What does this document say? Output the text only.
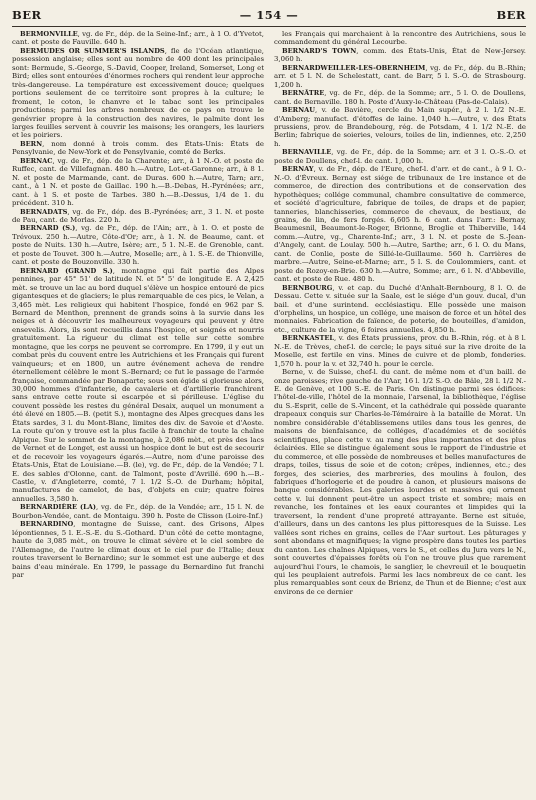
BER	— 154 —	BER

BERMONVILLE, vg. de Fr., dép. de la Seine-Inf.; arr., à 1 O. d'Yvetot, cant. et poste de Fauville. 640 h.

BERMUDES OR SUMMER'S ISLANDS, fle de l'Océan atlantique, possession anglaise; elles sont au nombre de 400 dont les principales sont: Bermude, S.-George, S.-David, Cooper, Ireland, Somerset, Long et Bird; elles sont entourées d'énormes rochers qui rendent leur approche très-dangereuse. La température est excessivement douce; quelques portions seulement de ce territoire sont propres à la culture; le froment, le coton, le chanvre et le tabac sont les principales productions; parmi les arbres nombreux de ce pays on trouve le genévrier propre à la construction des navires, le palmite dont les larges feuilles servent à couvrir les maisons; les orangers, les lauriers et les poiriers.

BERN, nom donné à trois comm. des États-Unis: États de Pensylvanie, de New-York et de Pensylvanie, comté de Berks.

BERNAC, vg. de Fr., dép. de la Charente; arr., à 1 N.-O. et poste de Ruffec, cant. de Villefagnan. 480 h.—Autre, Lot-et-Garonne; arr., à 8 1. N. et poste de Marmande, cant. de Duras. 600 h.—Autre, Tarn; arr., cant., à 1 N. et poste de Gaillac. 190 h.—B.-Debas, H.-Pyrénées; arr., cant. à 1 S. et poste de Tarbes. 380 h.—B.-Dessus, 1/4 de 1. du précédent. 310 h.

BERNADATS, vg. de Fr., dép. des B.-Pyrénées; arr., 3 1. N. et poste de Pau, cant. de Morlas. 220 h.

BERNARD (S.), vg. de Fr., dép. de l'Ain; arr., à 1. O. et poste de Trévoux. 250 h.—Autre, Côte-d'Or; arr., à 1. N. de Beaume, cant. et poste de Nuits. 130 h.—Autre, Isère; arr., 5 1. N.-E. de Grenoble, cant. et poste de Touvet. 300 h.—Autre, Moselle; arr., à 1. S.-E. de Thionville, cant. et poste de Bouzonville. 330 h.

BERNARD (GRAND S.), montagne qui fait partie des Alpes pennines, par 45° 51' de latitude N. et 5° 5' de longitude E. A 2,425 mèt. se trouve un lac au bord duquel s'élève un hospice entouré de pics gigantesques et de glaciers; le plus remarquable de ces pics, le Velan, a 3,465 mèt. Les religieux qui habitent l'hospice, fondé en 962 par S. Bernard de Menthon, prennent de grands soins à la survie dans les neiges et à découvrir les malheureux voyageurs qui peuvent y être ensevelis. Alors, ils sont recueillis dans l'hospice, et soignés et nourris gratuitement. La rigueur du climat est telle sur cette sombre montagne, que les corps ne peuvent se corrompre. En 1799, il y eut un combat près du couvent entre les Autrichiens et les Français qui furent vainqueurs; et en 1800, un autre événement acheva de rendre éternellement célèbre le mont S.-Bernard; ce fut le passage de l'armée française, commandée par Bonaparte; sous son égide si glorieuse alors, 30,000 hommes d'infanterie, de cavalerie et d'artillerie franchirent sans entrave cette route si escarpée et si périlleuse. L'église du couvent possède les restes du général Desaix, auquel un monument a été élevé en 1805.—B. (petit S.), montagne des Alpes grecques dans les États sardes, 3 l. du Mont-Blanc, limites des div. de Savoie et d'Aoste. La route qu'on y trouve est la plus facile à franchir de toute la chaîne Alpique. Sur le sommet de la montagne, à 2,086 mèt., et près des lacs de Vernet et de Longet, est aussi un hospice dont le but est de secourir et de recevoir les voyageurs égarés.—Autre, nom d'une paroisse des États-Unis, État de Louisiane.—B. (le), vg. de Fr., dép. de la Vendée; 7 l. E. des sables d'Olonne, cant. de Talmont, poste d'Avrillé. 690 h.—B.-Castle, v. d'Angleterre, comté, 7 l. 1/2 S.-O. de Durham; hôpital, manufactures de camelot, de bas, d'objets en cuir; quatre foires annuelles. 3,580 h.

BERNARDIÈRE (LA), vg. de Fr., dép. de la Vendée; arr., 15 l. N. de Bourbon-Vendée, cant. de Montaigu. 390 h. Poste de Clisson (Loire-Inf.)

BERNARDINO, montagne de Suisse, cant. des Grisons, Alpes lépontiennes, 5 l. E.-S.-E. du S.-Gothard. D'un côté de cette montagne, haute de 3,085 mèt., on trouve le climat sévère et le ciel sombre de l'Allemagne, de l'autre le climat doux et le ciel pur de l'Italie; deux routes traversent le Bernardino; sur le sommet est une auberge et des bains d'eau minérale. En 1799, le passage du Bernardino fut franchi par

les Français qui marchaient à la rencontre des Autrichiens, sous le commandement du général Lecourbe.

BERNARD'S TOWN, comm. des États-Unis, État de New-Jersey. 3,060 h.

BERNARDWEILLER-LES-OBERNHEIM, vg. de Fr., dép. du B.-Rhin; arr. et 5 l. N. de Schelestatt, cant. de Barr, 5 l. S.-O. de Strasbourg. 1,200 h.

BERNÂTRE, vg. de Fr., dép. de la Somme; arr., 5 l. O. de Doullens, cant. de Bernaville. 180 h. Poste d'Auxy-le-Château (Pas-de-Calais).

BERNAU, v. de Bavière, cercle du Main supér., à 2 l. 1/2 N.-E. d'Amberg; manufact. d'étoffes de laine. 1,040 h.—Autre, v. des États prussiens, prov. de Brandebourg, rég. de Potsdam, 4 l. 1/2 N.-E. de Berlin; fabrique de soieries, velours, toiles de lin, indiennes, etc. 2,250 h.

BERNAVILLE, vg. de Fr., dép. de la Somme; arr. et 3 l. O.-S.-O. et poste de Doullens, chef-l. de cant. 1,000 h.

BERNAY, v. de Fr., dép. de l'Eure, chef-l. d'arr. et de cant., à 9 l. O.-N.-O. d'Évreux. Bernay est siége de tribunaux de 1re instance et de commerce, de direction des contributions et de conservation des hypothèques; collége communal, chambre consultative de commerce, et société d'agriculture, fabrique de toiles, de draps et de papier, tanneries, blanchisseries, commerce de chevaux, de bestiaux, de grains, de lin, de fers forgés. 6,605 h. 6 cant. dans l'arr.: Bernay, Beaumesnil, Beaumont-le-Roger, Brionne, Broglie et Thiberville, 144 comm.—Autre, vg., Charente-Inf.; arr., 3 l. N. et poste de S.-Jean-d'Angely, cant. de Loulay. 500 h.—Autre, Sarthe; arr., 6 l. O. du Mans, cant. de Conlie, poste de Sillé-le-Guillaume. 560 h. Carrières de marbre.—Autre, Seine-et-Marne; arr., 5 l. S. de Coulommiers, cant. et poste de Rozoy-en-Brie. 630 h.—Autre, Somme; arr., 6 l. N. d'Abbeville, cant. et poste de Rue. 480 h.

BERNBOURG, v. et cap. du Duché d'Anhalt-Bernbourg, 8 l. O. de Dessau. Cette v. située sur la Saale, est le siége d'un gouv. ducal, d'un bail. et d'une surintend. ecclésiastiqu. Elle possède une maison d'orphelins, un hospice, un collége, une maison de force et un hôtel des monnaies. Fabrication de faïence, de poterie, de bouteilles, d'amidon, etc., culture de la vigne, 6 foires annuelles. 4,850 h.

BERNKASTEL, v. des États prussiens, prov. du B.-Rhin, rég. et à 8 l. N.-E. de Trèves, chef-l. de cercle; le pays situé sur la rive droite de la Moselle, est fertile en vins. Mines de cuivre et de plomb, fonderies. 1,570 h. pour la v. et 32,740 h. pour le cercle.

Berne, v. de Suisse, chef-l. du cant. de même nom et d'un baill. de onze paroisses; rive gauche de l'Aar, 16 l. 1/2 S.-O. de Bâle, 28 l. 1/2 N.-E. de Genève, et 100 S.-E. de Paris. On distingue parmi ses édifices: l'hôtel-de-ville, l'hôtel de la monnaie, l'arsenal, la bibliothèque, l'église du S.-Esprit, celle de S.-Vincent, et la cathédrale qui possède quarante drapeaux conquis sur Charles-le-Téméraire à la bataille de Morat. Un nombre considérable d'établissemens utiles dans tous les genres, de maisons de bienfaisance, de colléges, d'académies et de sociétés scientifiques, place cette v. au rang des plus importantes et des plus éclairées. Elle se distingue également sous le rapport de l'industrie et du commerce, et elle possède de nombreuses et belles manufactures de draps, toiles, tissus de soie et de coton; crêpes, indiennes, etc.; des forges, des scieries, des marbreries, des moulins à foulon, des fabriques d'horlogerie et de poudre à canon, et plusieurs maisons de banque considérables. Les galeries lourdes et massives qui ornent cette v. lui donnent peut-être un aspect triste et sombre; mais en revanche, les fontaines et les eaux courantes et limpides qui la traversent, la rendent d'une propreté attrayante. Berne est située, d'ailleurs, dans un des cantons les plus pittoresques de la Suisse. Les vallées sont riches en grains, celles de l'Aar surtout. Les pâturages y sont abondans et magnifiques; la vigne prospère dans toutes les parties du canton. Les chaînes Alpiques, vers le S., et celles du Jura vers le N., sont couvertes d'épaisses forêts où l'on ne trouve plus que rarement aujourd'hui l'ours, le chamois, le sanglier, le chevreuil et le bouquetin qui les peuplaient autrefois. Parmi les lacs nombreux de ce cant. les plus remarquables sont ceux de Brienz, de Thun et de Bienne; c'est aux environs de ce dernier
